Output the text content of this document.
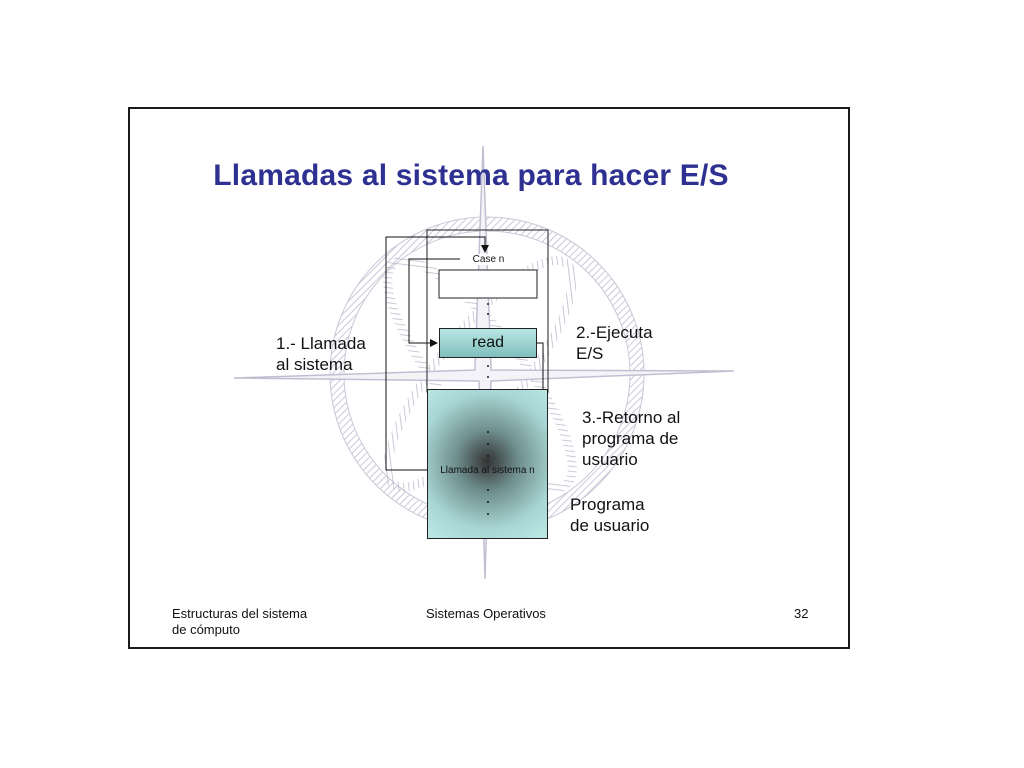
Llamadas al sistema para hacer E/S
Case n
read
Llamada al sistema n
1.- Llamada
al sistema
2.-Ejecuta
E/S
3.-Retorno al
programa de
usuario
Programa
de usuario
Estructuras del sistema
de cómputo
Sistemas Operativos	32
